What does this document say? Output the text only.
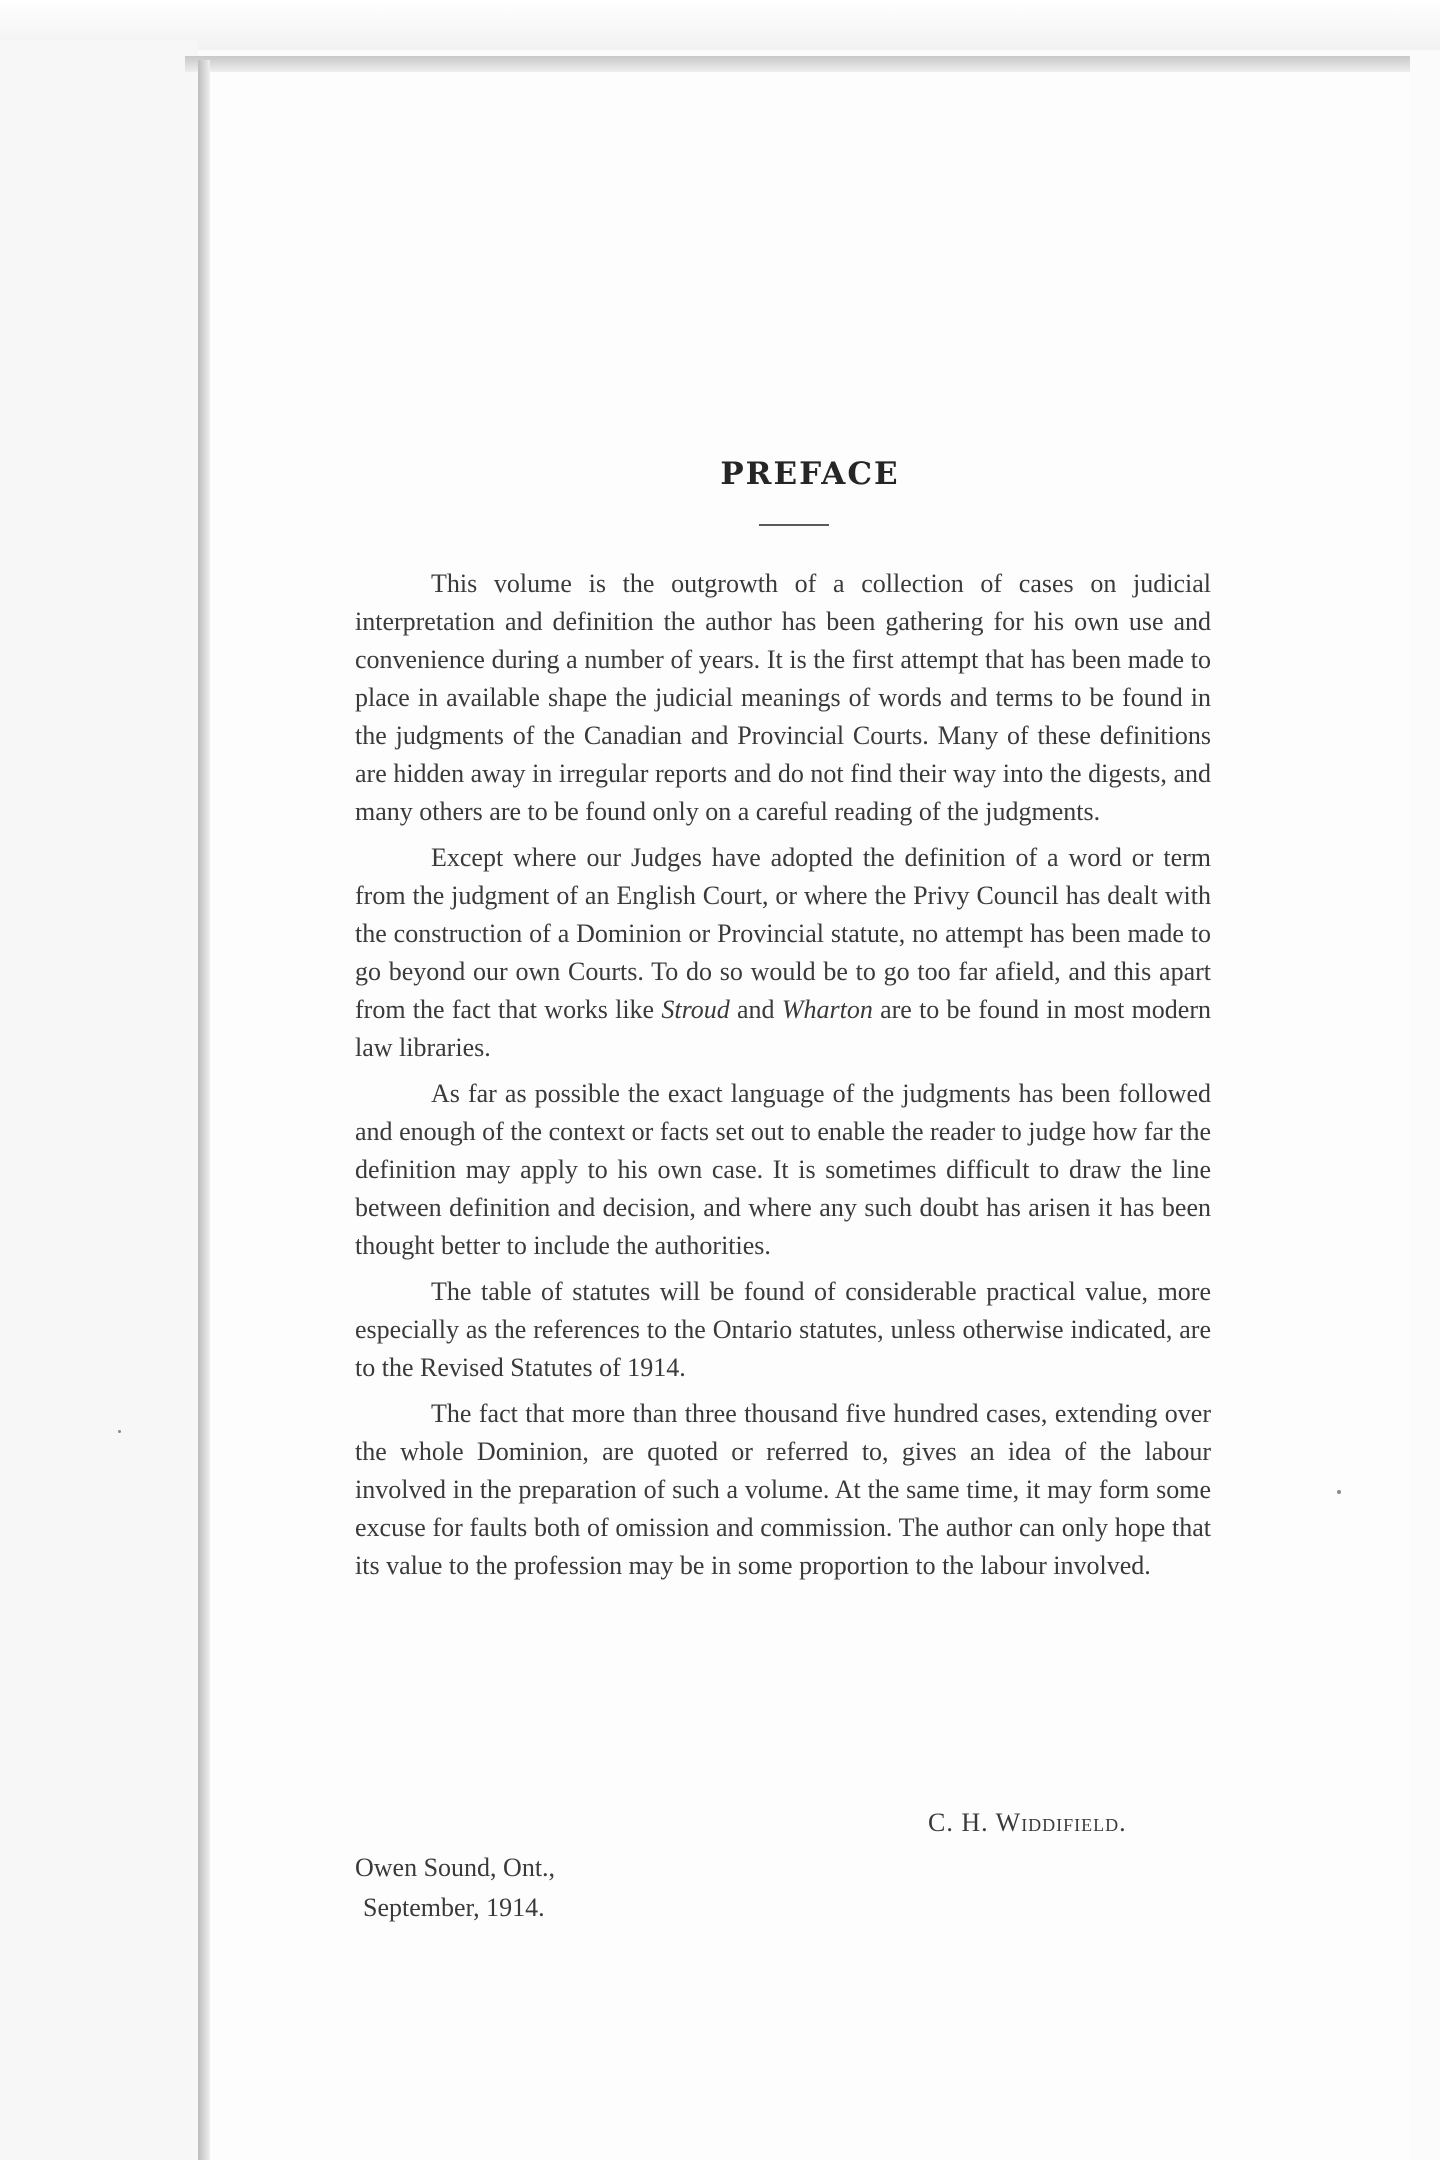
PREFACE

This volume is the outgrowth of a collection of cases on judicial interpretation and definition the author has been gathering for his own use and convenience during a number of years. It is the first attempt that has been made to place in available shape the judicial meanings of words and terms to be found in the judgments of the Canadian and Provincial Courts. Many of these definitions are hidden away in irregular reports and do not find their way into the digests, and many others are to be found only on a careful reading of the judgments.

Except where our Judges have adopted the definition of a word or term from the judgment of an English Court, or where the Privy Council has dealt with the construction of a Dominion or Provincial statute, no attempt has been made to go beyond our own Courts. To do so would be to go too far afield, and this apart from the fact that works like Stroud and Wharton are to be found in most modern law libraries.

As far as possible the exact language of the judgments has been followed and enough of the context or facts set out to enable the reader to judge how far the definition may apply to his own case. It is sometimes difficult to draw the line between definition and decision, and where any such doubt has arisen it has been thought better to include the authorities.

The table of statutes will be found of considerable practical value, more especially as the references to the Ontario statutes, unless otherwise indicated, are to the Revised Statutes of 1914.

The fact that more than three thousand five hundred cases, extending over the whole Dominion, are quoted or referred to, gives an idea of the labour involved in the preparation of such a volume. At the same time, it may form some excuse for faults both of omission and commission. The author can only hope that its value to the profession may be in some proportion to the labour involved.

C. H. Widdifield.
Owen Sound, Ont.,
September, 1914.
